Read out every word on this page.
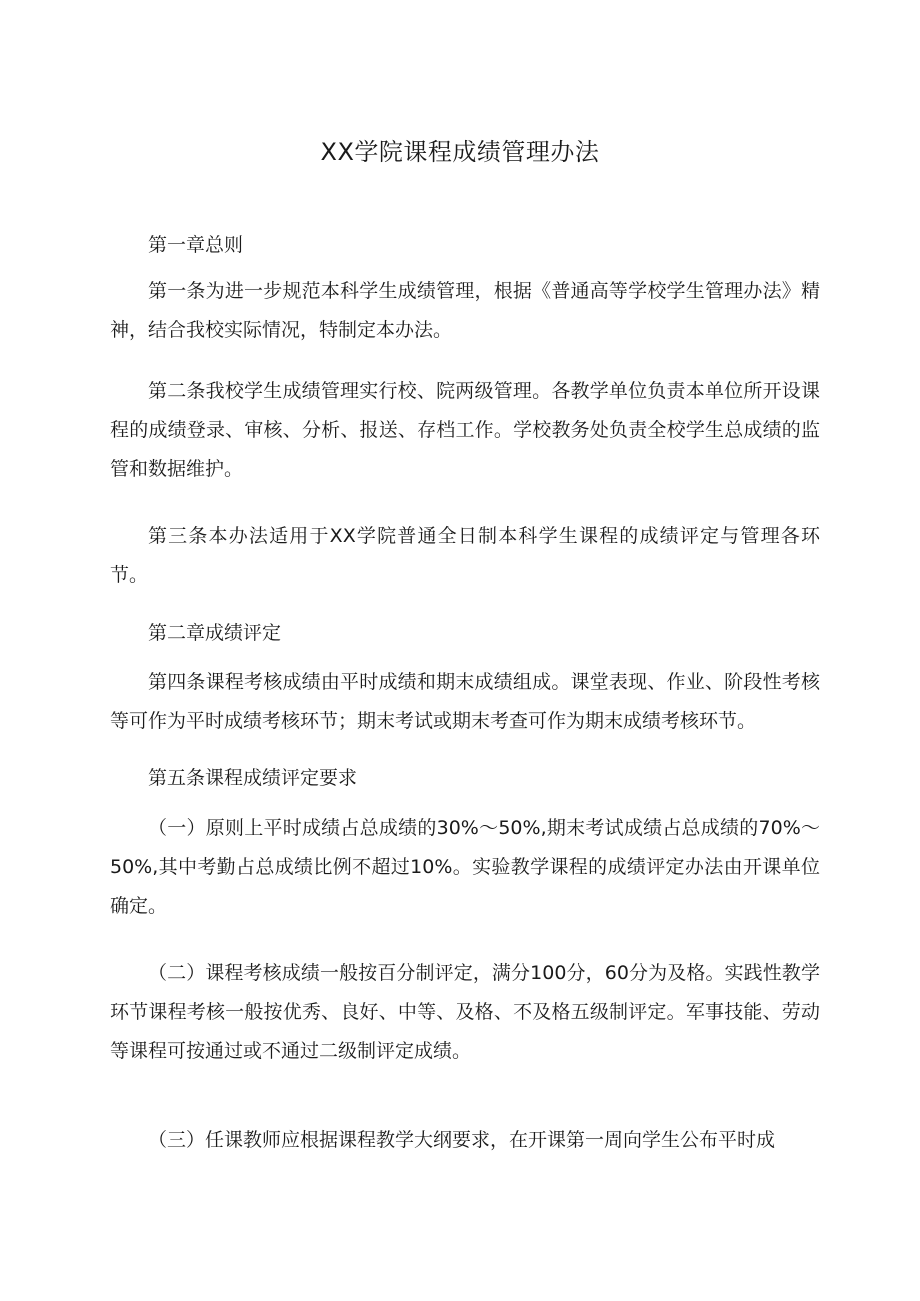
XX学院课程成绩管理办法

第一章总则

第一条为进一步规范本科学生成绩管理，根据《普通高等学校学生管理办法》精神，结合我校实际情况，特制定本办法。

第二条我校学生成绩管理实行校、院两级管理。各教学单位负责本单位所开设课程的成绩登录、审核、分析、报送、存档工作。学校教务处负责全校学生总成绩的监管和数据维护。

第三条本办法适用于XX学院普通全日制本科学生课程的成绩评定与管理各环节。

第二章成绩评定

第四条课程考核成绩由平时成绩和期末成绩组成。课堂表现、作业、阶段性考核等可作为平时成绩考核环节；期末考试或期末考查可作为期末成绩考核环节。

第五条课程成绩评定要求

（一）原则上平时成绩占总成绩的30%～50%,期末考试成绩占总成绩的70%～50%,其中考勤占总成绩比例不超过10%。实验教学课程的成绩评定办法由开课单位确定。

（二）课程考核成绩一般按百分制评定，满分100分，60分为及格。实践性教学环节课程考核一般按优秀、良好、中等、及格、不及格五级制评定。军事技能、劳动等课程可按通过或不通过二级制评定成绩。

（三）任课教师应根据课程教学大纲要求，在开课第一周向学生公布平时成
